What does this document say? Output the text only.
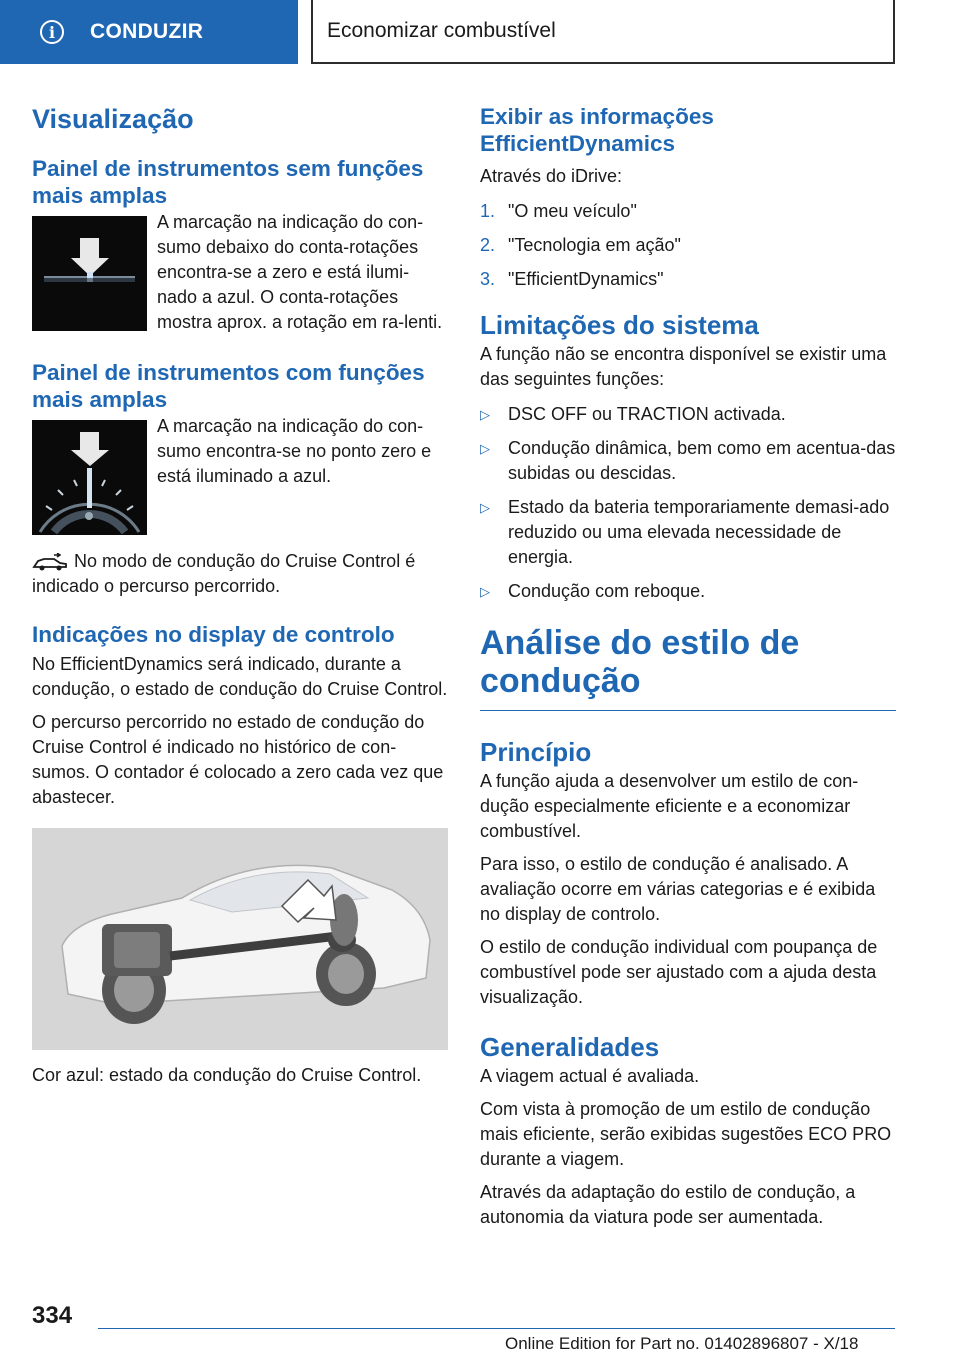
i	CONDUZIR	Economizar combustível
Visualização
Painel de instrumentos sem funções mais amplas

A marcação na indicação do con-sumo debaixo do conta-rotações encontra-se a zero e está ilumi-nado a azul. O conta-rotações mostra aprox. a rotação em ra-lenti.

Painel de instrumentos com funções mais amplas

A marcação na indicação do con-sumo encontra-se no ponto zero e está iluminado a azul.

No modo de condução do Cruise Control é indicado o percurso percorrido.

Indicações no display de controlo

No EfficientDynamics será indicado, durante a condução, o estado de condução do Cruise Control.

O percurso percorrido no estado de condução do Cruise Control é indicado no histórico de con-sumos. O contador é colocado a zero cada vez que abastecer.

Cor azul: estado da condução do Cruise Control.

Exibir as informações EfficientDynamics

Através do iDrive:

1. "O meu veículo"
2. "Tecnologia em ação"
3. "EfficientDynamics"
Limitações do sistema

A função não se encontra disponível se existir uma das seguintes funções:

▷	DSC OFF ou TRACTION activada.
▷	Condução dinâmica, bem como em acentua-das subidas ou descidas.
▷	Estado da bateria temporariamente demasi-ado reduzido ou uma elevada necessidade de energia.
▷	Condução com reboque.
Análise do estilo de condução
Princípio

A função ajuda a desenvolver um estilo de con-dução especialmente eficiente e a economizar combustível.

Para isso, o estilo de condução é analisado. A avaliação ocorre em várias categorias e é exibida no display de controlo.

O estilo de condução individual com poupança de combustível pode ser ajustado com a ajuda desta visualização.

Generalidades

A viagem actual é avaliada.

Com vista à promoção de um estilo de condução mais eficiente, serão exibidas sugestões ECO PRO durante a viagem.

Através da adaptação do estilo de condução, a autonomia da viatura pode ser aumentada.

334
Online Edition for Part no. 01402896807 - X/18
